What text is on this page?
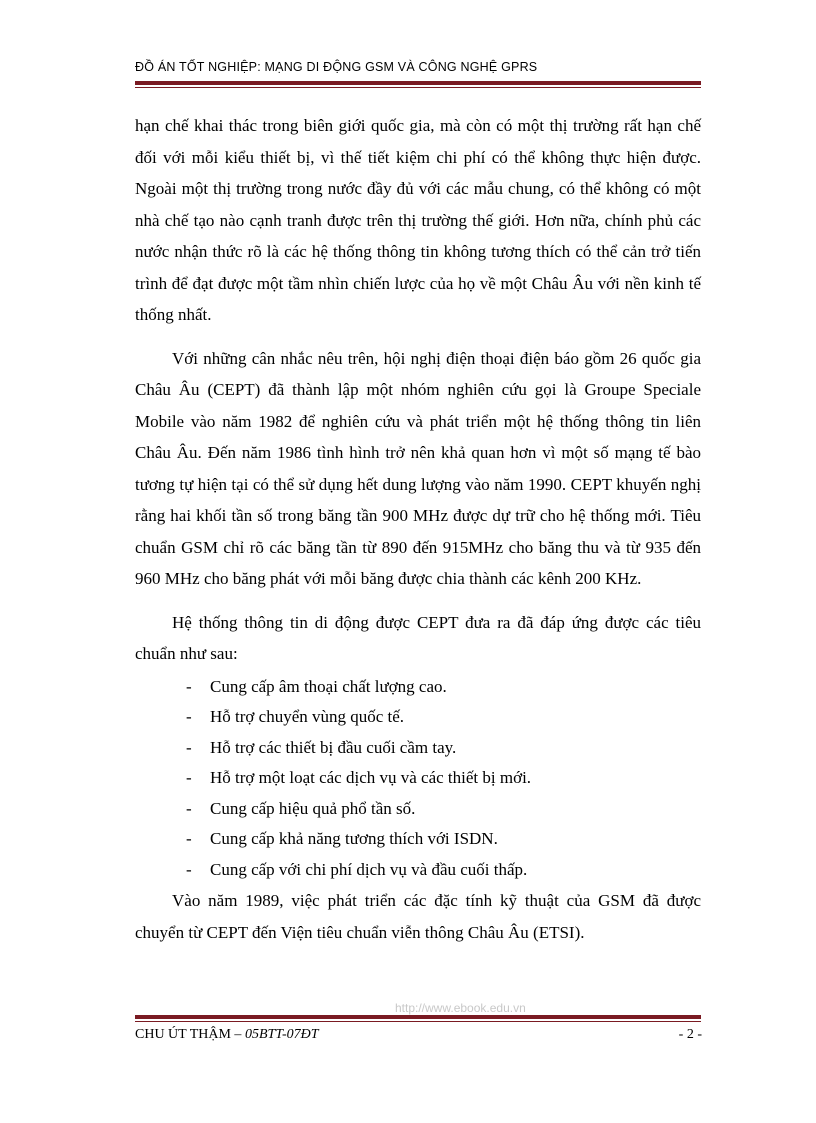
ĐỒ ÁN TỐT NGHIỆP: MẠNG DI ĐỘNG GSM VÀ CÔNG NGHỆ GPRS

hạn chế khai thác trong biên giới quốc gia, mà còn có một thị trường rất hạn chế đối với mỗi kiểu thiết bị, vì thế tiết kiệm chi phí có thể không thực hiện được. Ngoài một thị trường trong nước đầy đủ với các mẫu chung, có thể không có một nhà chế tạo nào cạnh tranh được trên thị trường thế giới. Hơn nữa, chính phủ các nước nhận thức rõ là các hệ thống thông tin không tương thích có thể cản trở tiến trình để đạt được một tầm nhìn chiến lược của họ về một Châu Âu với nền kinh tế thống nhất.

Với những cân nhắc nêu trên, hội nghị điện thoại điện báo gồm 26 quốc gia Châu Âu (CEPT) đã thành lập một nhóm nghiên cứu gọi là Groupe Speciale Mobile vào năm 1982 để nghiên cứu và phát triển một hệ thống thông tin liên Châu Âu. Đến năm 1986 tình hình trở nên khả quan hơn vì một số mạng tế bào tương tự hiện tại có thể sử dụng hết dung lượng vào năm 1990. CEPT khuyến nghị rằng hai khối tần số trong băng tần 900 MHz được dự trữ cho hệ thống mới. Tiêu chuẩn GSM chỉ rõ các băng tần từ 890 đến 915MHz cho băng thu và từ 935 đến 960 MHz cho băng phát với mỗi băng được chia thành các kênh 200 KHz.

Hệ thống thông tin di động được CEPT đưa ra đã đáp ứng được các tiêu chuẩn như sau:

- Cung cấp âm thoại chất lượng cao.
- Hỗ trợ chuyển vùng quốc tế.
- Hỗ trợ các thiết bị đầu cuối cầm tay.
- Hỗ trợ một loạt các dịch vụ và các thiết bị mới.
- Cung cấp hiệu quả phổ tần số.
- Cung cấp khả năng tương thích với ISDN.
- Cung cấp với chi phí dịch vụ và đầu cuối thấp.

Vào năm 1989, việc phát triển các đặc tính kỹ thuật của GSM đã được chuyển từ CEPT đến Viện tiêu chuẩn viễn thông Châu Âu (ETSI).

http://www.ebook.edu.vn
CHU ÚT THẬM – 05BTT-07ĐT	- 2 -
